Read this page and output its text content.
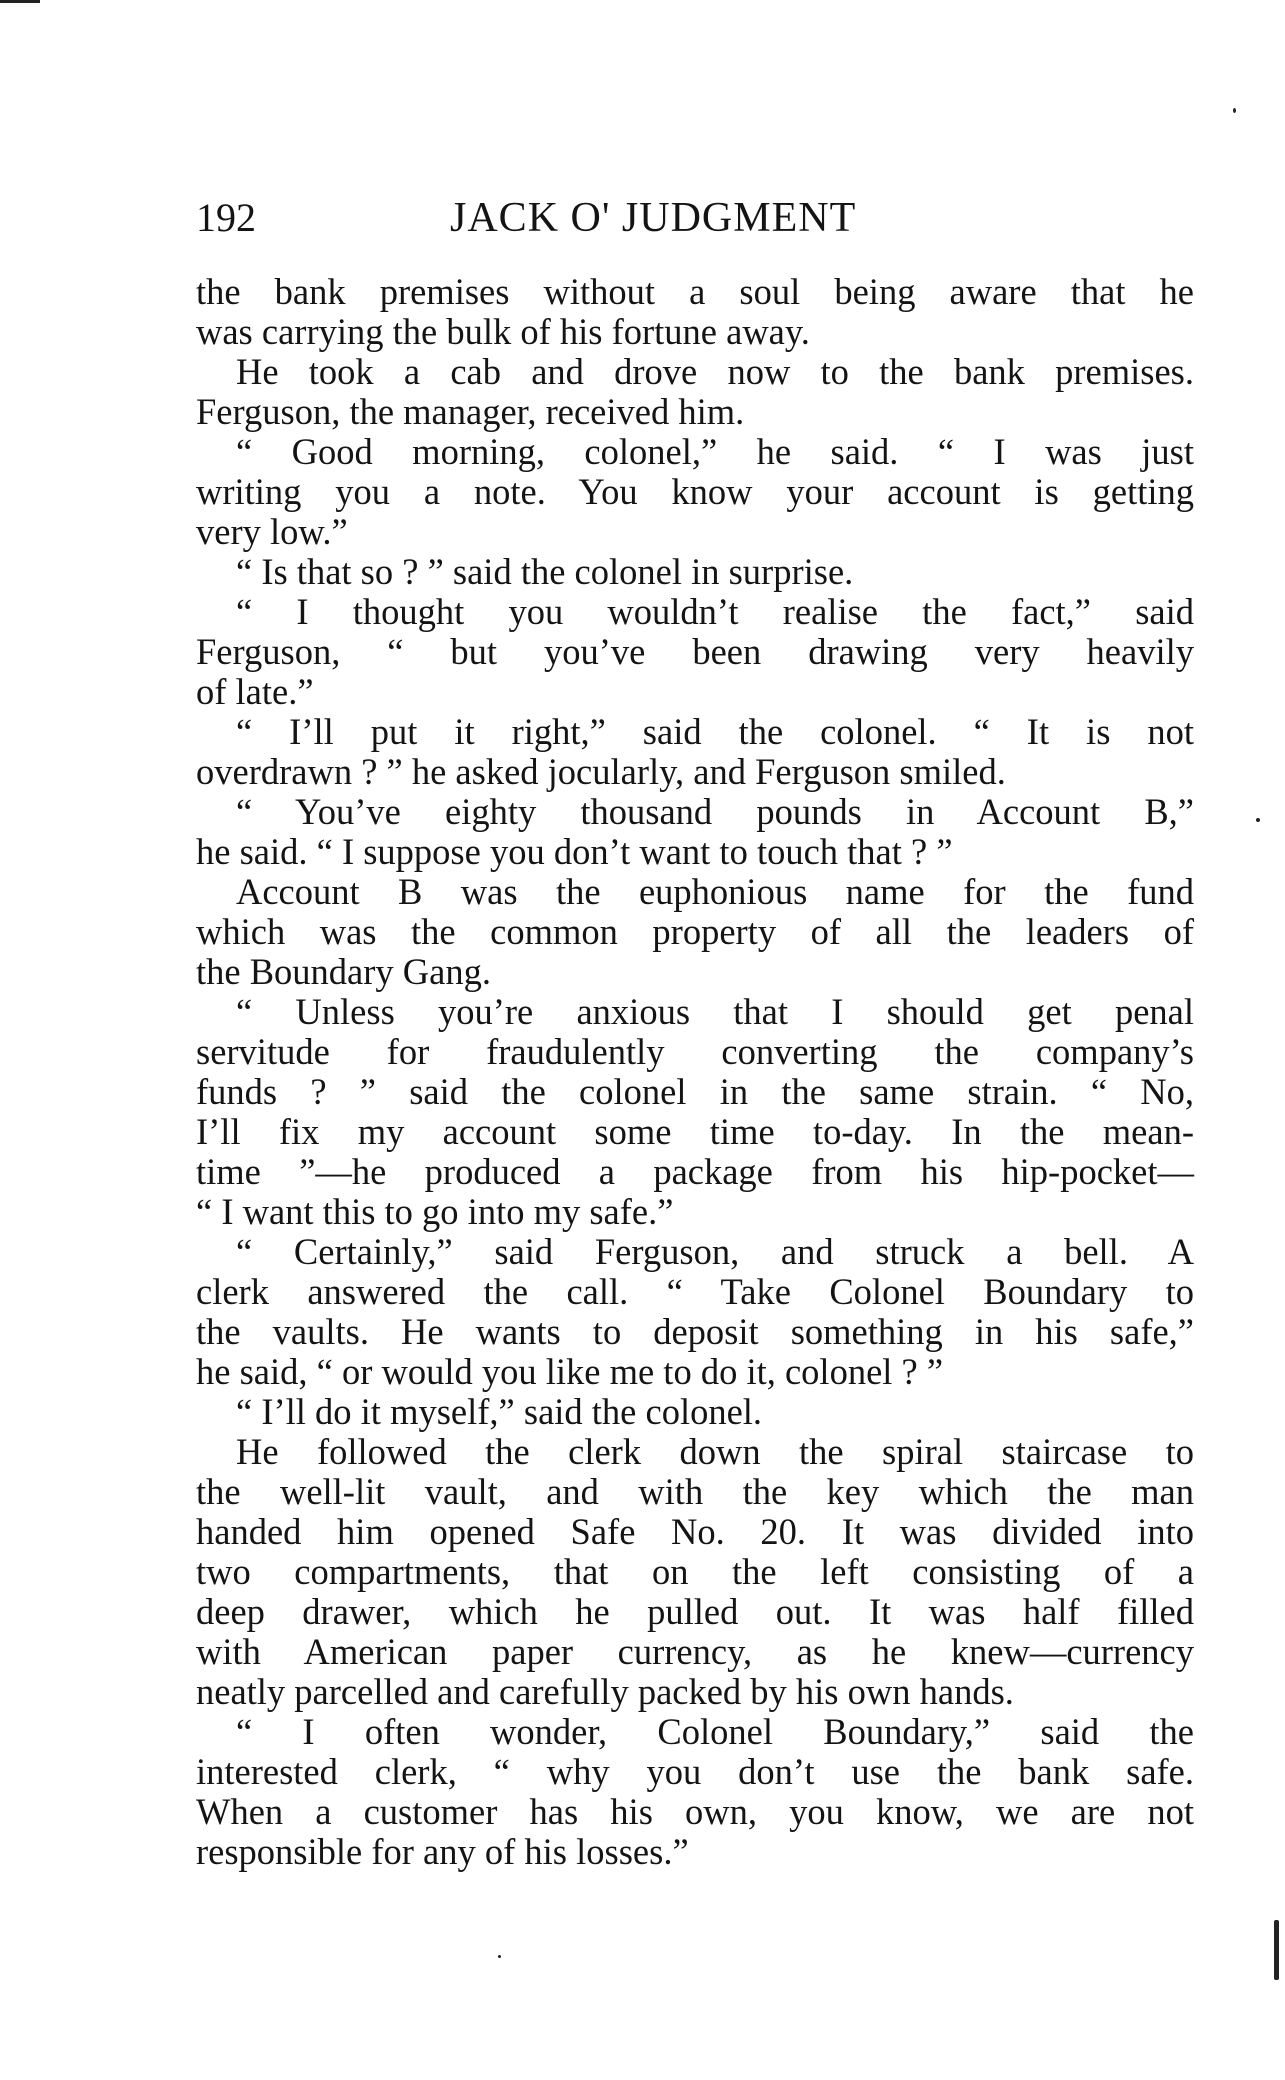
192	JACK O' JUDGMENT
the bank premises without a soul being aware that he
was carrying the bulk of his fortune away.
He took a cab and drove now to the bank premises.
Ferguson, the manager, received him.
“ Good morning, colonel,” he said. “ I was just
writing you a note. You know your account is getting
very low.”
“ Is that so ? ” said the colonel in surprise.
“ I thought you wouldn’t realise the fact,” said
Ferguson, “ but you’ve been drawing very heavily
of late.”
“ I’ll put it right,” said the colonel. “ It is not
overdrawn ? ” he asked jocularly, and Ferguson smiled.
“ You’ve eighty thousand pounds in Account B,”
he said. “ I suppose you don’t want to touch that ? ”
Account B was the euphonious name for the fund
which was the common property of all the leaders of
the Boundary Gang.
“ Unless you’re anxious that I should get penal
servitude for fraudulently converting the company’s
funds ? ” said the colonel in the same strain. “ No,
I’ll fix my account some time to-day. In the mean-
time ”—he produced a package from his hip-pocket—
“ I want this to go into my safe.”
“ Certainly,” said Ferguson, and struck a bell. A
clerk answered the call. “ Take Colonel Boundary to
the vaults. He wants to deposit something in his safe,”
he said, “ or would you like me to do it, colonel ? ”
“ I’ll do it myself,” said the colonel.
He followed the clerk down the spiral staircase to
the well-lit vault, and with the key which the man
handed him opened Safe No. 20. It was divided into
two compartments, that on the left consisting of a
deep drawer, which he pulled out. It was half filled
with American paper currency, as he knew—currency
neatly parcelled and carefully packed by his own hands.
“ I often wonder, Colonel Boundary,” said the
interested clerk, “ why you don’t use the bank safe.
When a customer has his own, you know, we are not
responsible for any of his losses.”
